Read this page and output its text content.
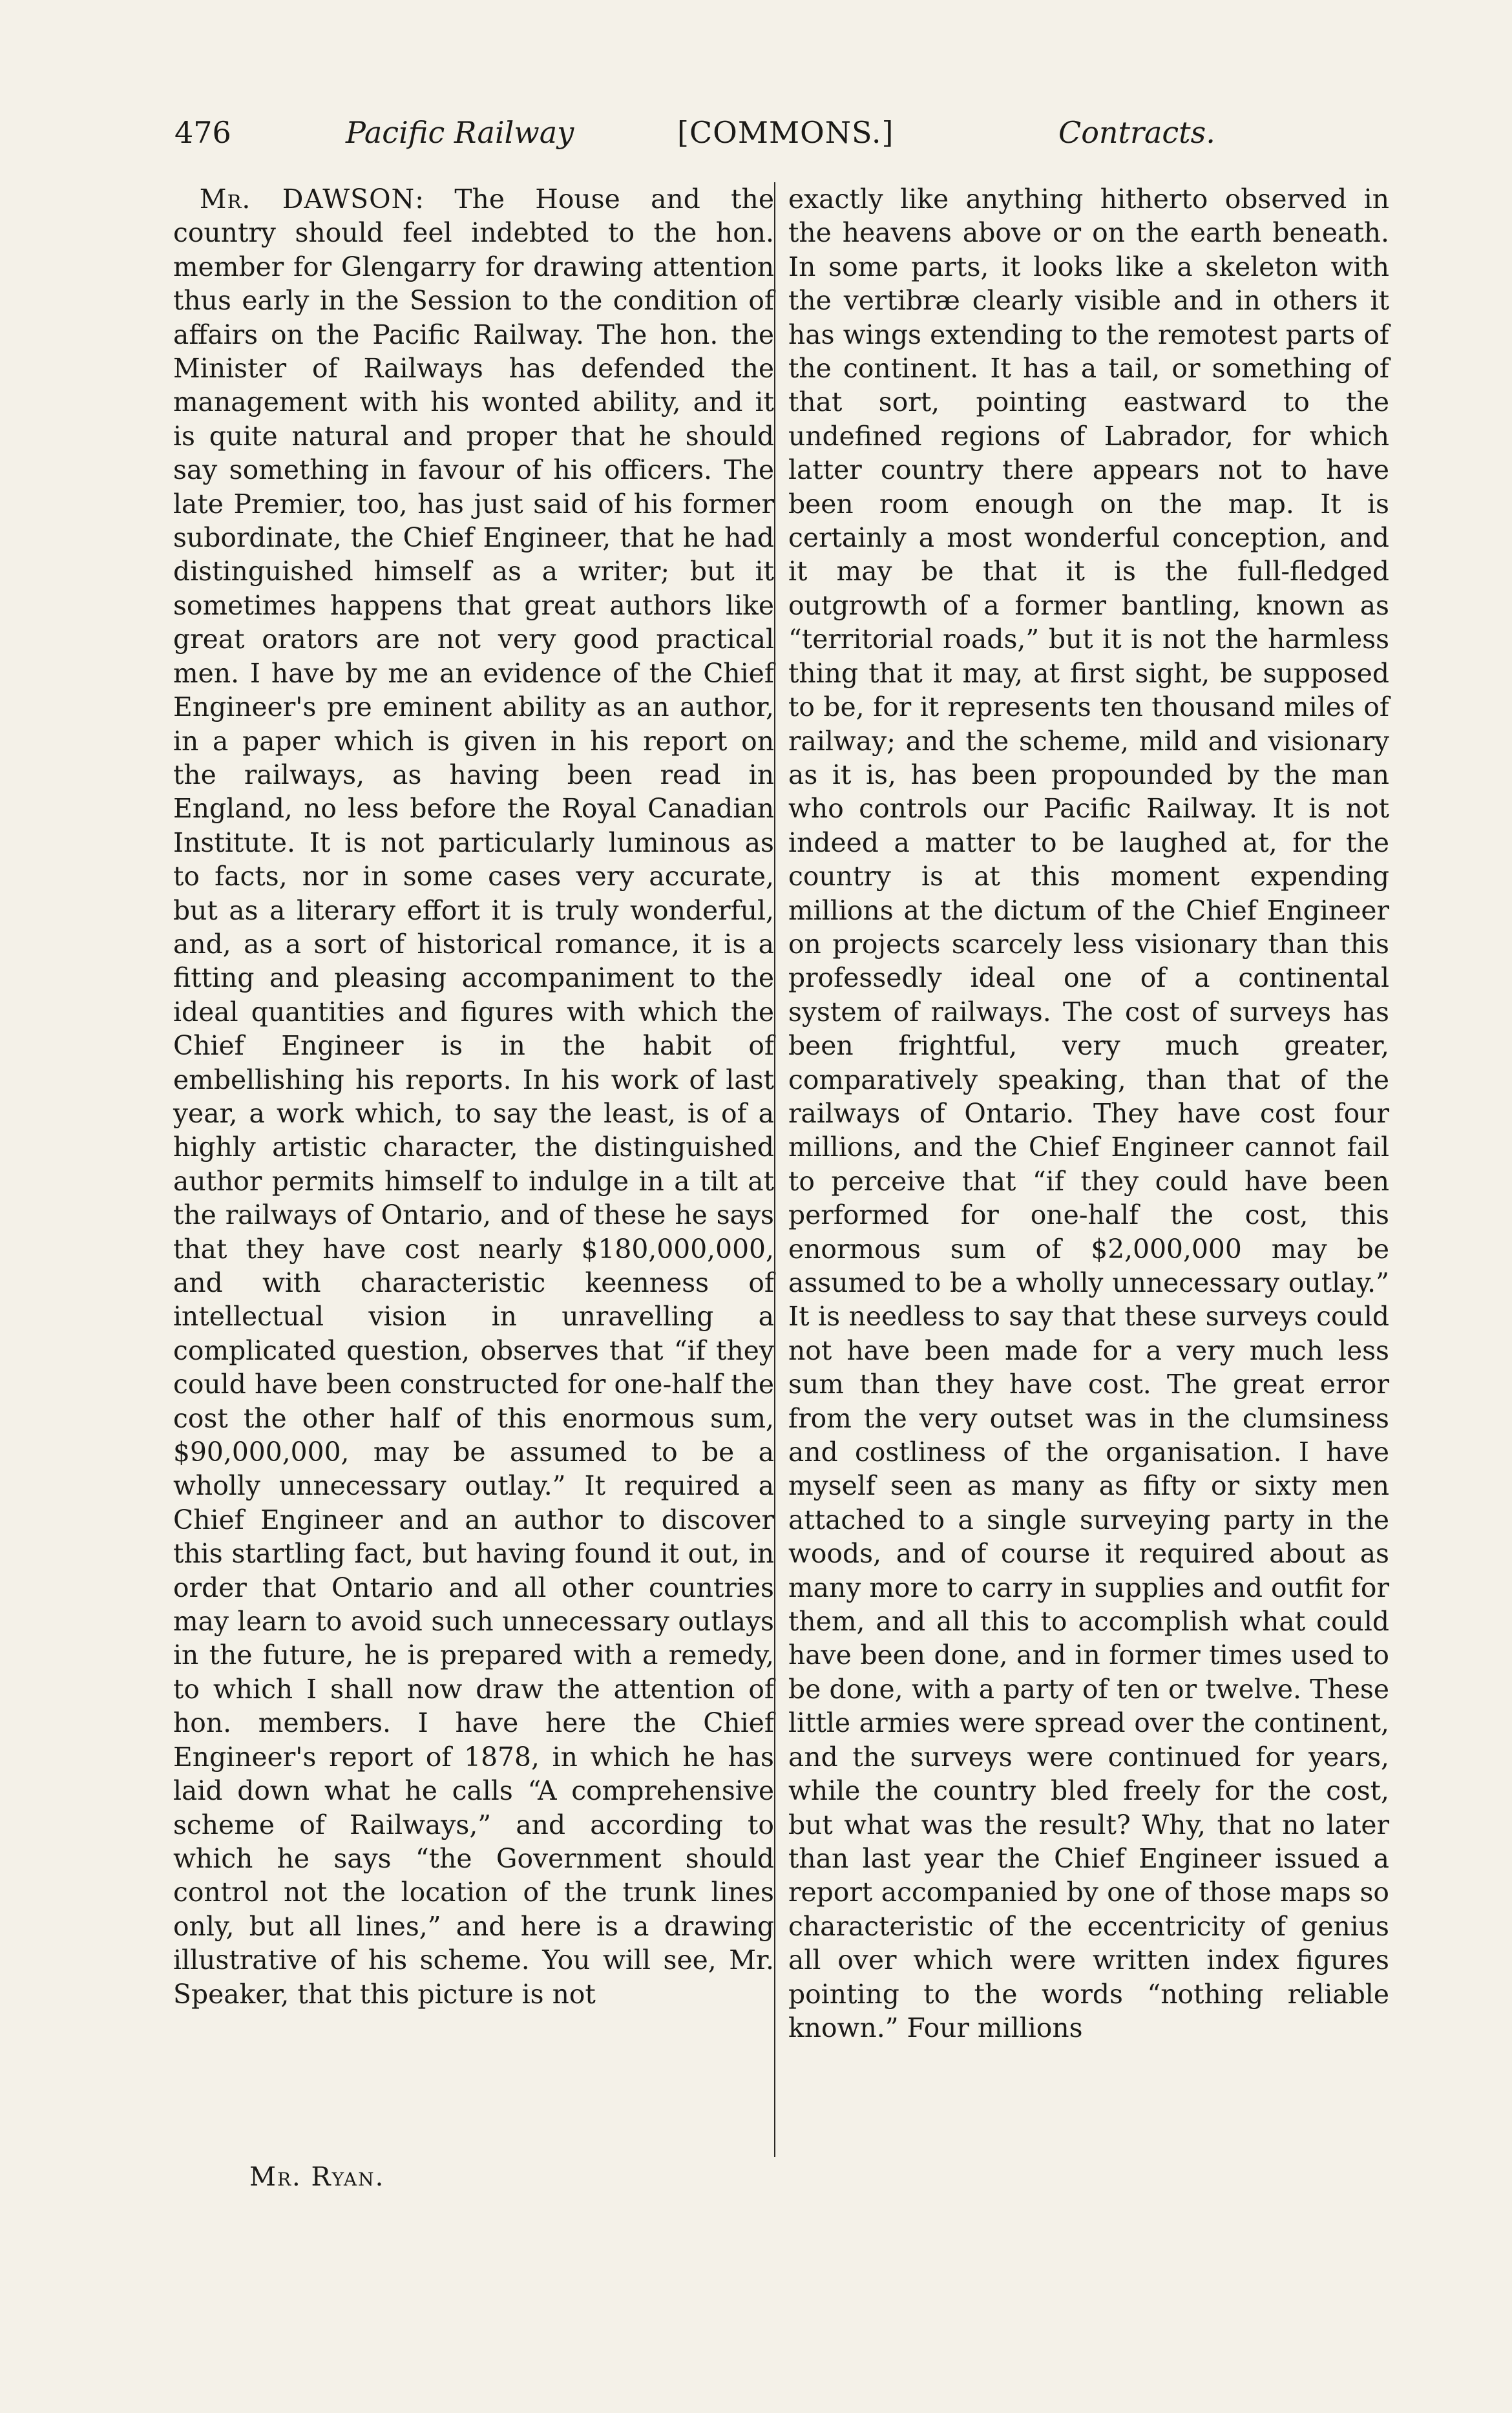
476	Pacific Railway	[COMMONS.]	Contracts.

 Mr. DAWSON: The House and the country should feel indebted to the hon. member for Glengarry for drawing attention thus early in the Session to the condition of affairs on the Pacific Railway. The hon. the Minister of Railways has defended the management with his wonted ability, and it is quite natural and proper that he should say something in favour of his officers. The late Premier, too, has just said of his former subordinate, the Chief Engineer, that he had distinguished himself as a writer; but it sometimes happens that great authors like great orators are not very good practical men. I have by me an evidence of the Chief Engineer's pre eminent ability as an author, in a paper which is given in his report on the railways, as having been read in England, no less before the Royal Canadian Institute. It is not particularly luminous as to facts, nor in some cases very accurate, but as a literary effort it is truly wonderful, and, as a sort of historical romance, it is a fitting and pleasing accompaniment to the ideal quantities and figures with which the Chief Engineer is in the habit of embellishing his reports. In his work of last year, a work which, to say the least, is of a highly artistic character, the distinguished author permits himself to indulge in a tilt at the railways of Ontario, and of these he says that they have cost nearly $180,000,000, and with characteristic keenness of intellectual vision in unravelling a complicated question, observes that “if they could have been constructed for one-half the cost the other half of this enormous sum, $90,000,000, may be assumed to be a wholly unnecessary outlay.” It required a Chief Engineer and an author to discover this startling fact, but having found it out, in order that Ontario and all other countries may learn to avoid such unnecessary outlays in the future, he is prepared with a remedy, to which I shall now draw the attention of hon. members. I have here the Chief Engineer's report of 1878, in which he has laid down what he calls “A comprehensive scheme of Railways,” and according to which he says “the Government should control not the location of the trunk lines only, but all lines,” and here is a drawing illustrative of his scheme. You will see, Mr. Speaker, that this picture is not

exactly like anything hitherto observed in the heavens above or on the earth beneath. In some parts, it looks like a skeleton with the vertibræ clearly visible and in others it has wings extending to the remotest parts of the continent. It has a tail, or something of that sort, pointing eastward to the undefined regions of Labrador, for which latter country there appears not to have been room enough on the map. It is certainly a most wonderful conception, and it may be that it is the full-fledged outgrowth of a former bantling, known as “territorial roads,” but it is not the harmless thing that it may, at first sight, be supposed to be, for it represents ten thousand miles of railway; and the scheme, mild and visionary as it is, has been propounded by the man who controls our Pacific Railway. It is not indeed a matter to be laughed at, for the country is at this moment expending millions at the dictum of the Chief Engineer on projects scarcely less visionary than this professedly ideal one of a continental system of railways. The cost of surveys has been frightful, very much greater, comparatively speaking, than that of the railways of Ontario. They have cost four millions, and the Chief Engineer cannot fail to perceive that “if they could have been performed for one-half the cost, this enormous sum of $2,000,000 may be assumed to be a wholly unnecessary outlay.” It is needless to say that these surveys could not have been made for a very much less sum than they have cost. The great error from the very outset was in the clumsiness and costliness of the organisation. I have myself seen as many as fifty or sixty men attached to a single surveying party in the woods, and of course it required about as many more to carry in supplies and outfit for them, and all this to accomplish what could have been done, and in former times used to be done, with a party of ten or twelve. These little armies were spread over the continent, and the surveys were continued for years, while the country bled freely for the cost, but what was the result? Why, that no later than last year the Chief Engineer issued a report accompanied by one of those maps so characteristic of the eccentricity of genius all over which were written index figures pointing to the words “nothing reliable known.” Four millions

Mr. Ryan.
